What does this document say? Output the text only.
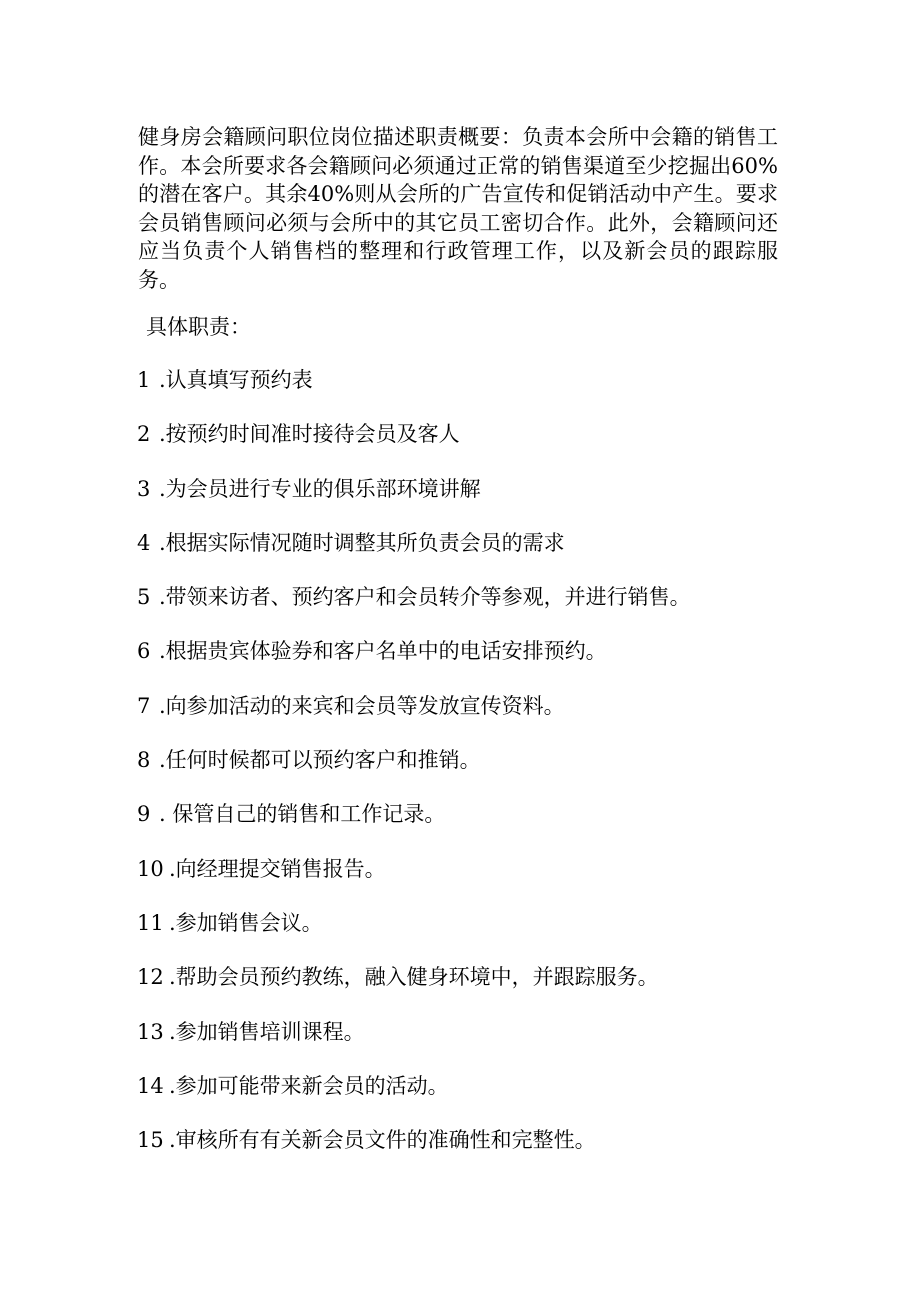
健身房会籍顾问职位岗位描述职责概要：负责本会所中会籍的销售工作。本会所要求各会籍顾问必须通过正常的销售渠道至少挖掘出60%的潜在客户。其余40%则从会所的广告宣传和促销活动中产生。要求会员销售顾问必须与会所中的其它员工密切合作。此外，会籍顾问还应当负责个人销售档的整理和行政管理工作，以及新会员的跟踪服务。

具体职责：

1 .认真填写预约表
2 .按预约时间准时接待会员及客人
3 .为会员进行专业的俱乐部环境讲解
4 .根据实际情况随时调整其所负责会员的需求
5 .带领来访者、预约客户和会员转介等参观，并进行销售。
6 .根据贵宾体验券和客户名单中的电话安排预约。
7 .向参加活动的来宾和会员等发放宣传资料。
8 .任何时候都可以预约客户和推销。
9 . 保管自己的销售和工作记录。
10 .向经理提交销售报告。
11 .参加销售会议。
12 .帮助会员预约教练，融入健身环境中，并跟踪服务。
13 .参加销售培训课程。
14 .参加可能带来新会员的活动。
15 .审核所有有关新会员文件的准确性和完整性。
